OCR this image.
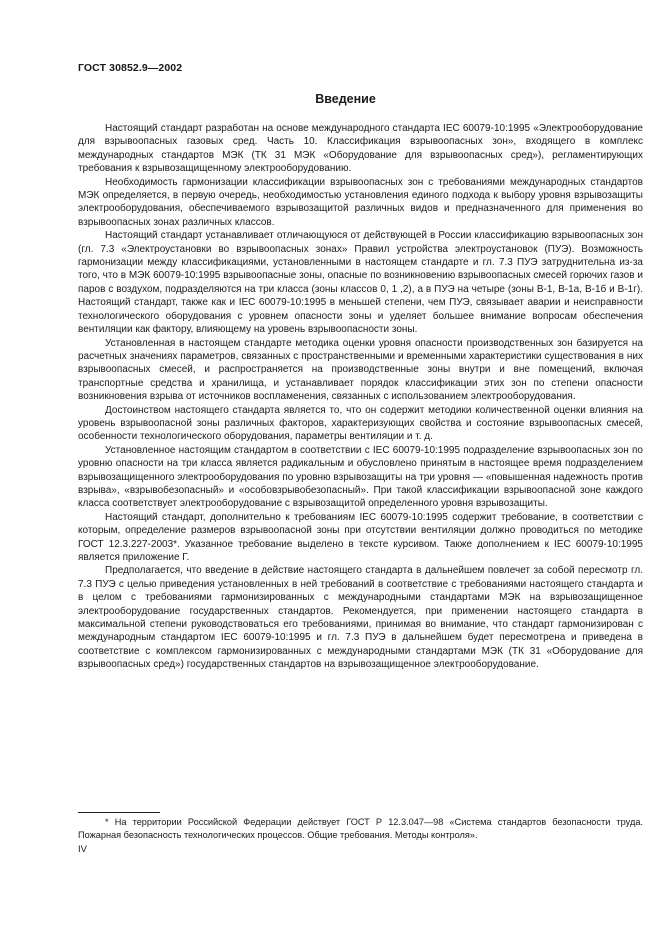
ГОСТ 30852.9—2002
Введение

Настоящий стандарт разработан на основе международного стандарта IEC 60079-10:1995 «Электрооборудование для взрывоопасных газовых сред. Часть 10. Классификация взрывоопасных зон», входящего в комплекс международных стандартов МЭК (ТК 31 МЭК «Оборудование для взрывоопасных сред»), регламентирующих требования к взрывозащищенному электрооборудованию.

Необходимость гармонизации классификации взрывоопасных зон с требованиями международных стандартов МЭК определяется, в первую очередь, необходимостью установления единого подхода к выбору уровня взрывозащиты электрооборудования, обеспечиваемого взрывозащитой различных видов и предназначенного для применения во взрывоопасных зонах различных классов.

Настоящий стандарт устанавливает отличающуюся от действующей в России классификацию взрывоопасных зон (гл. 7.3 «Электроустановки во взрывоопасных зонах» Правил устройства электроустановок (ПУЭ). Возможность гармонизации между классификациями, установленными в настоящем стандарте и гл. 7.3 ПУЭ затруднительна из-за того, что в МЭК 60079-10:1995 взрывоопасные зоны, опасные по возникновению взрывоопасных смесей горючих газов и паров с воздухом, подразделяются на три класса (зоны классов 0, 1 ,2), а в ПУЭ на четыре (зоны В-1, В-1а, В-1б и В-1г). Настоящий стандарт, также как и IEC 60079-10:1995 в меньшей степени, чем ПУЭ, связывает аварии и неисправности технологического оборудования с уровнем опасности зоны и уделяет большее внимание вопросам обеспечения вентиляции как фактору, влияющему на уровень взрывоопасности зоны.

Установленная в настоящем стандарте методика оценки уровня опасности производственных зон базируется на расчетных значениях параметров, связанных с пространственными и временными характеристики существования в них взрывоопасных смесей, и распространяется на производственные зоны внутри и вне помещений, включая транспортные средства и хранилища, и устанавливает порядок классификации этих зон по степени опасности возникновения взрыва от источников воспламенения, связанных с использованием электрооборудования.

Достоинством настоящего стандарта является то, что он содержит методики количественной оценки влияния на уровень взрывоопасной зоны различных факторов, характеризующих свойства и состояние взрывоопасных смесей, особенности технологического оборудования, параметры вентиляции и т. д.

Установленное настоящим стандартом в соответствии с IEC 60079-10:1995 подразделение взрывоопасных зон по уровню опасности на три класса является радикальным и обусловлено принятым в настоящее время подразделением взрывозащищенного электрооборудования по уровню взрывозащиты на три уровня — «повышенная надежность против взрыва», «взрывобезопасный» и «особовзрывобезопасный». При такой классификации взрывоопасной зоне каждого класса соответствует электрооборудование с взрывозащитой определенного уровня взрывозащиты.

Настоящий стандарт, дополнительно к требованиям IEC 60079-10:1995 содержит требование, в соответствии с которым, определение размеров взрывоопасной зоны при отсутствии вентиляции должно проводиться по методике ГОСТ 12.3.227-2003*. Указанное требование выделено в тексте курсивом. Также дополнением к IEC 60079-10:1995 является приложение Г.

Предполагается, что введение в действие настоящего стандарта в дальнейшем повлечет за собой пересмотр гл. 7.3 ПУЭ с целью приведения установленных в ней требований в соответствие с требованиями настоящего стандарта и в целом с требованиями гармонизированных с международными стандартами МЭК на взрывозащищенное электрооборудование государственных стандартов. Рекомендуется, при применении настоящего стандарта в максимальной степени руководствоваться его требованиями, принимая во внимание, что стандарт гармонизирован с международным стандартом IEC 60079-10:1995 и гл. 7.3 ПУЭ в дальнейшем будет пересмотрена и приведена в соответствие с комплексом гармонизированных с международными стандартами МЭК (ТК 31 «Оборудование для взрывоопасных сред») государственных стандартов на взрывозащищенное электрооборудование.

* На территории Российской Федерации действует ГОСТ Р 12.3.047—98 «Система стандартов безопасности труда. Пожарная безопасность технологических процессов. Общие требования. Методы контроля».

IV
